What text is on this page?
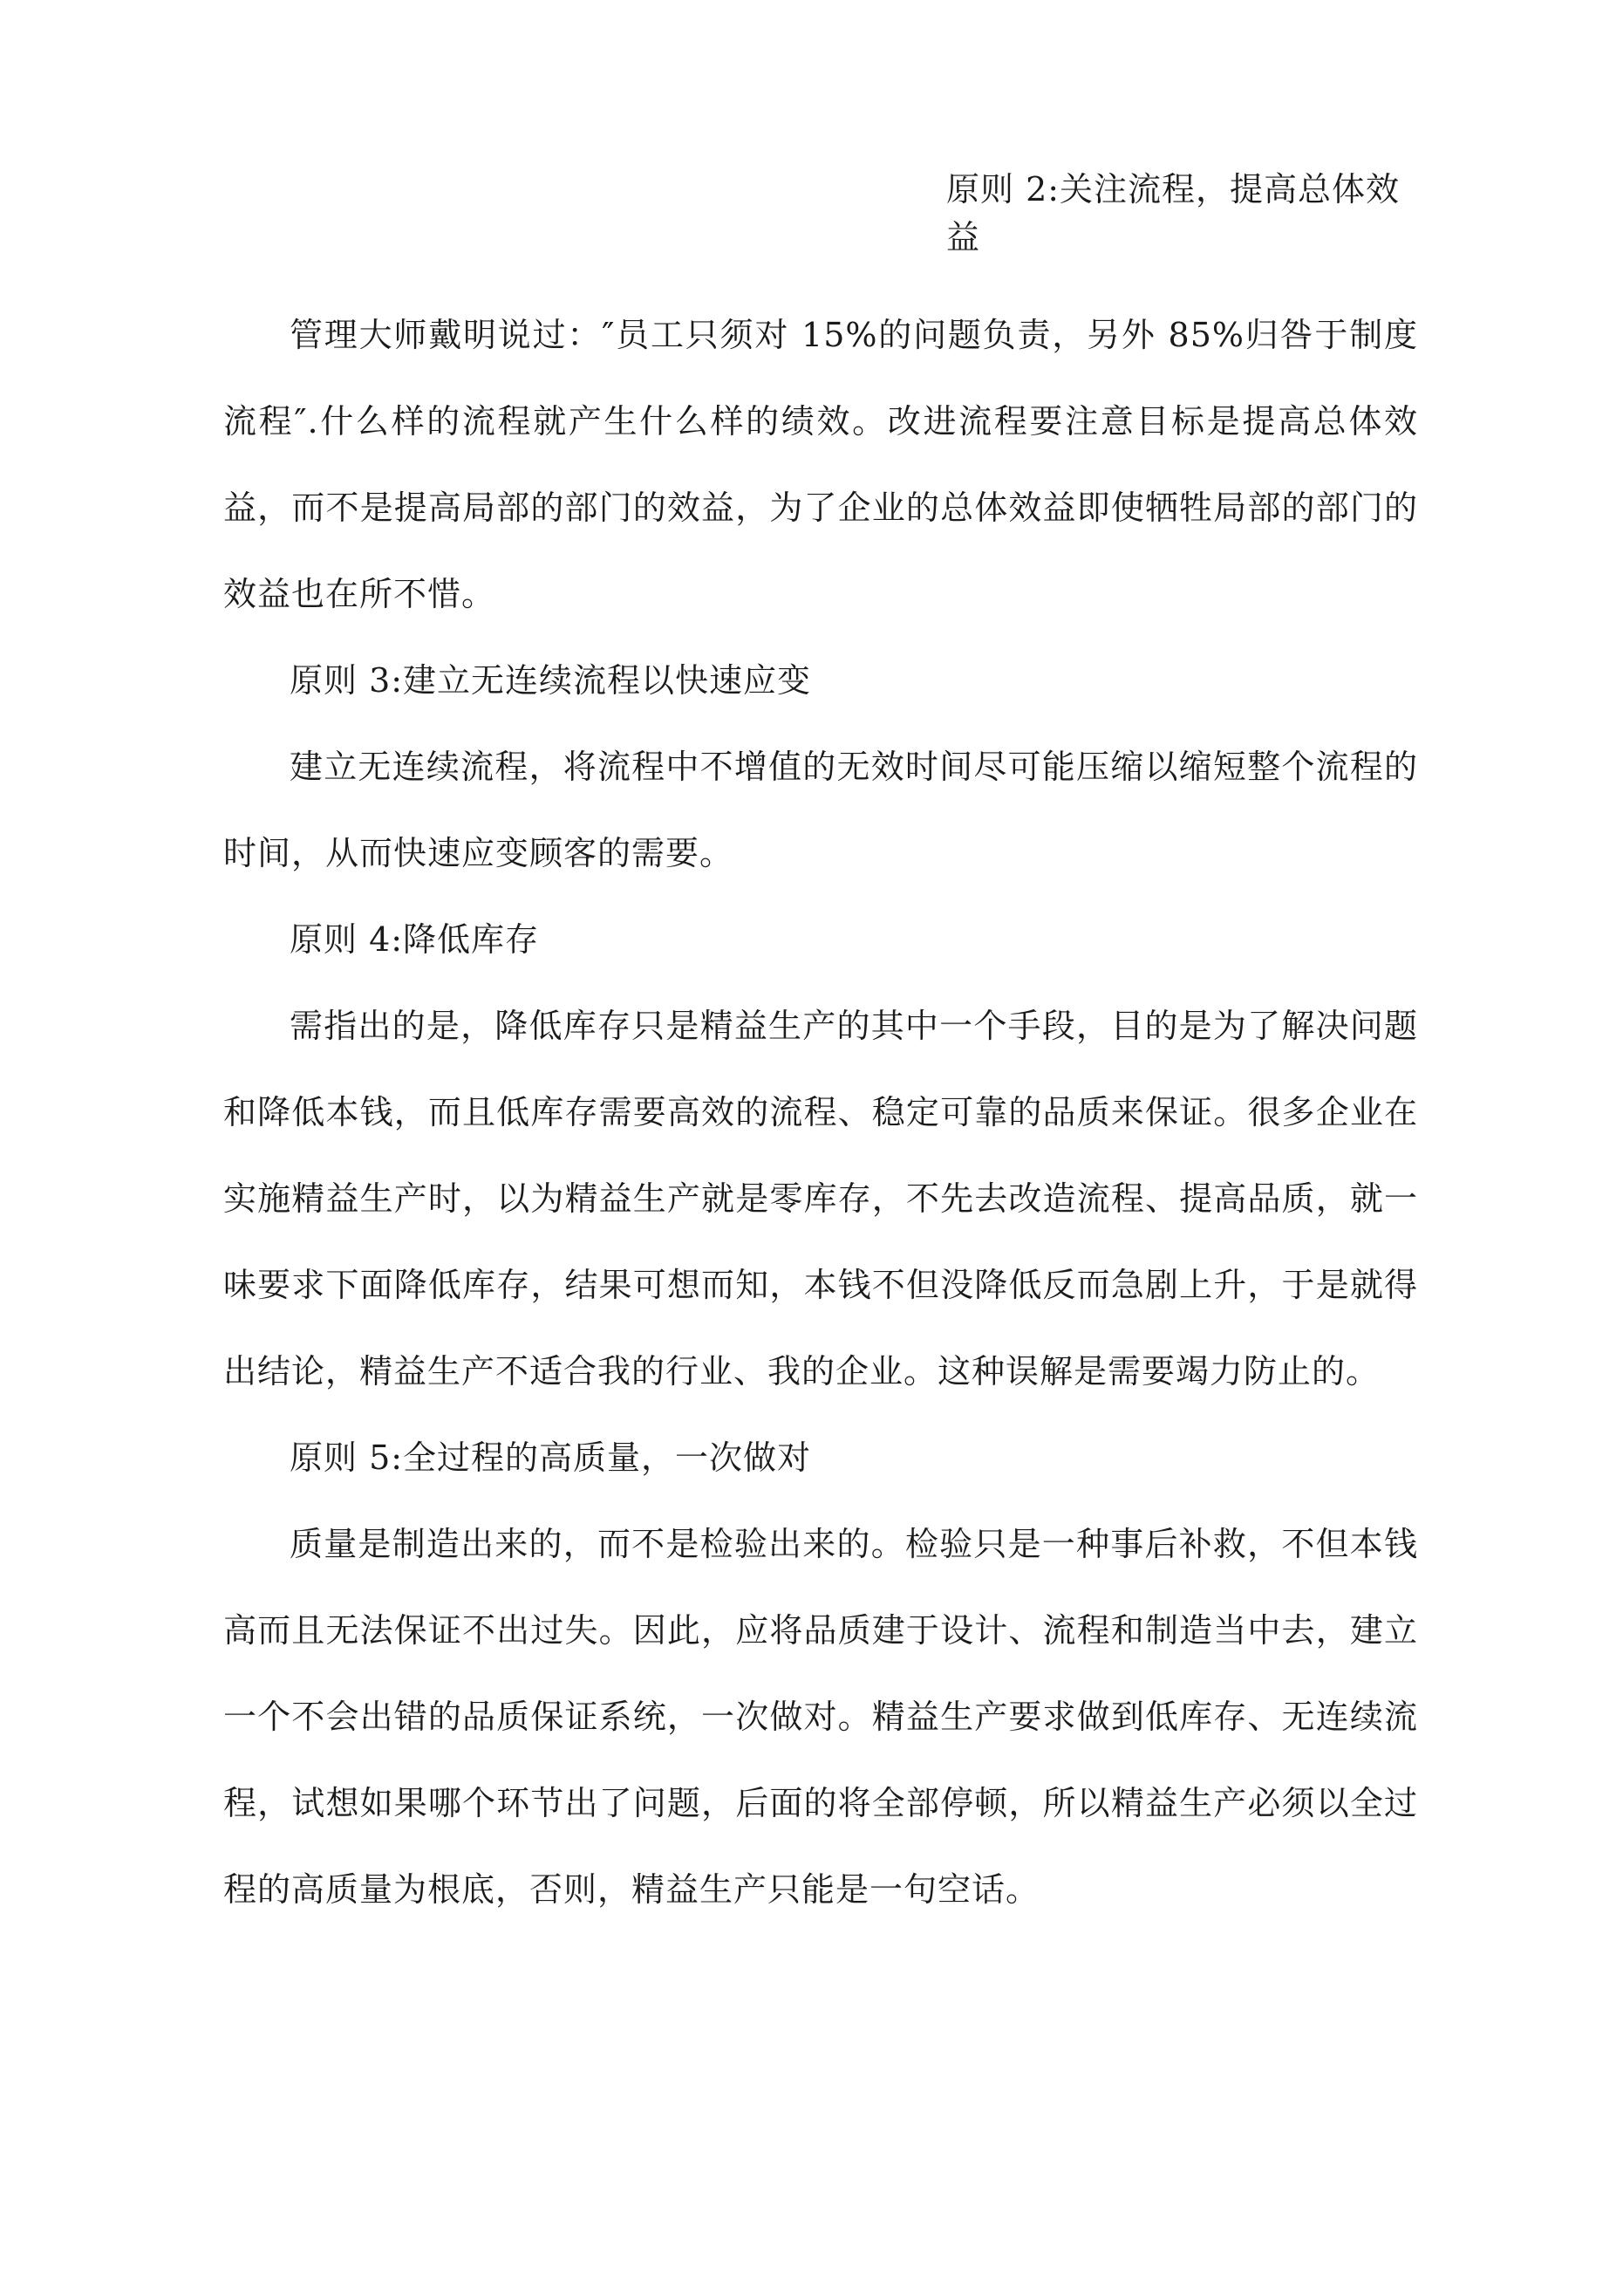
原则 2:关注流程，提高总体效益

管理大师戴明说过：″员工只须对 15%的问题负责，另外 85%归咎于制度流程″.什么样的流程就产生什么样的绩效。改进流程要注意目标是提高总体效益，而不是提高局部的部门的效益，为了企业的总体效益即使牺牲局部的部门的效益也在所不惜。

原则 3:建立无连续流程以快速应变

建立无连续流程，将流程中不增值的无效时间尽可能压缩以缩短整个流程的时间，从而快速应变顾客的需要。

原则 4:降低库存

需指出的是，降低库存只是精益生产的其中一个手段，目的是为了解决问题和降低本钱，而且低库存需要高效的流程、稳定可靠的品质来保证。很多企业在实施精益生产时，以为精益生产就是零库存，不先去改造流程、提高品质，就一味要求下面降低库存，结果可想而知，本钱不但没降低反而急剧上升，于是就得出结论，精益生产不适合我的行业、我的企业。这种误解是需要竭力防止的。

原则 5:全过程的高质量，一次做对

质量是制造出来的，而不是检验出来的。检验只是一种事后补救，不但本钱高而且无法保证不出过失。因此，应将品质建于设计、流程和制造当中去，建立一个不会出错的品质保证系统，一次做对。精益生产要求做到低库存、无连续流程，试想如果哪个环节出了问题，后面的将全部停顿，所以精益生产必须以全过程的高质量为根底，否则，精益生产只能是一句空话。
